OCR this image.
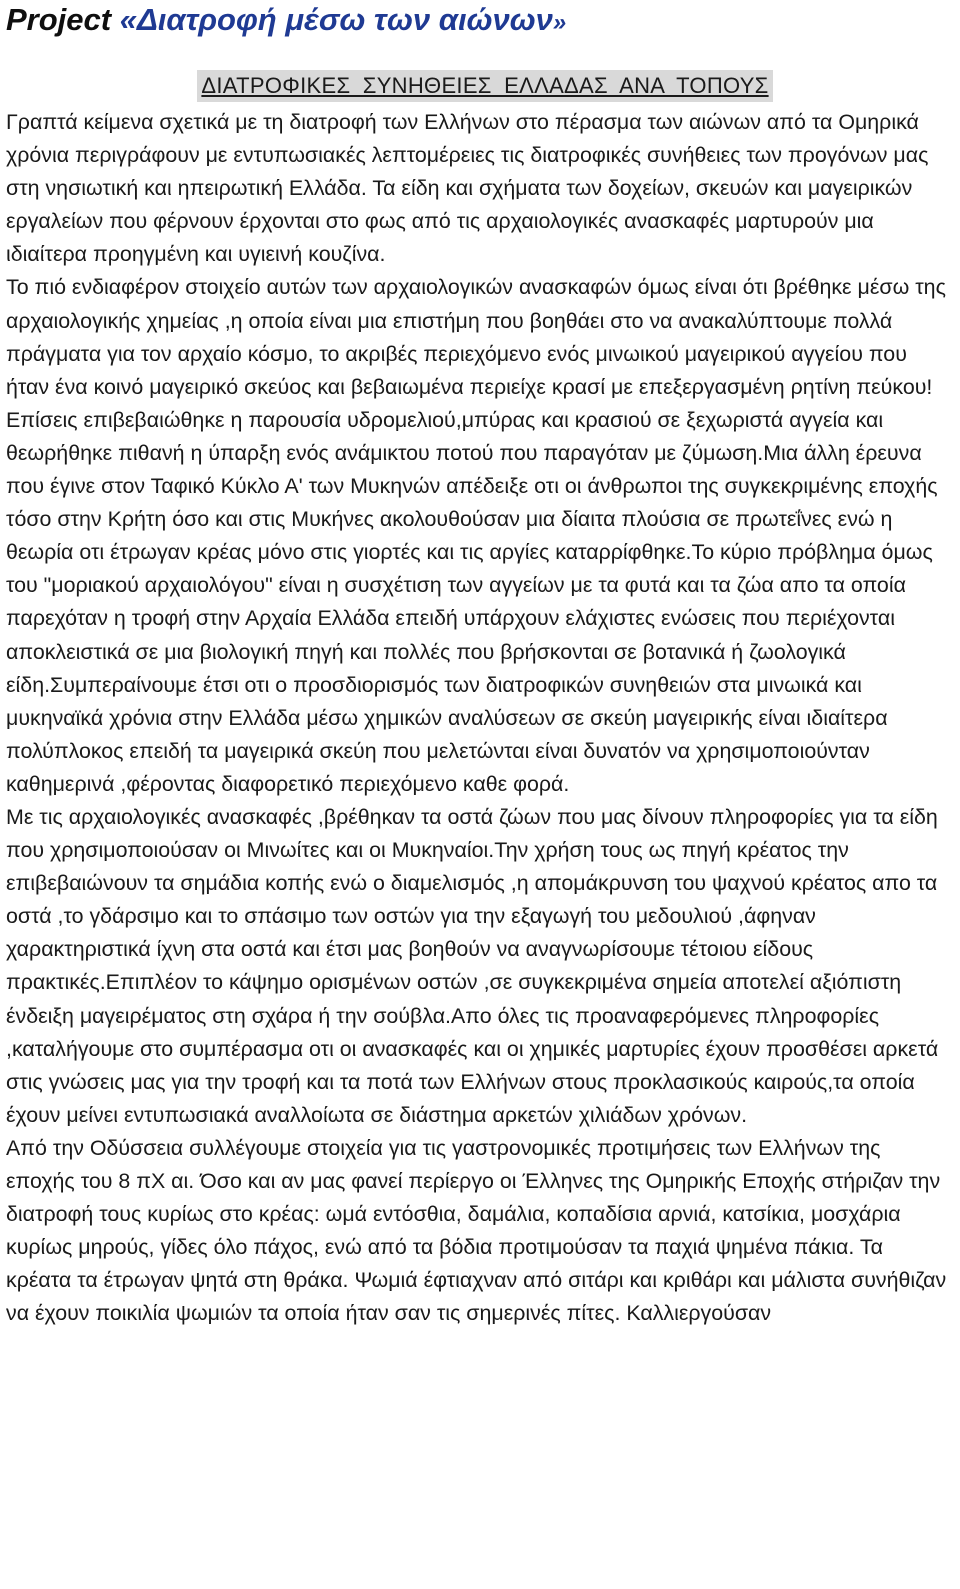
Project «Διατροφή μέσω των αιώνων»
ΔΙΑΤΡΟΦΙΚΕΣ ΣΥΝΗΘΕΙΕΣ ΕΛΛΑΔΑΣ ΑΝΑ ΤΟΠΟΥΣ

Γραπτά κείμενα σχετικά με τη διατροφή των Ελλήνων στο πέρασμα των αιώνων από τα Ομηρικά χρόνια περιγράφουν με εντυπωσιακές λεπτομέρειες τις διατροφικές συνήθειες των προγόνων μας στη νησιωτική και ηπειρωτική Ελλάδα. Τα είδη και σχήματα των δοχείων, σκευών και μαγειρικών εργαλείων που φέρνουν έρχονται στο φως από τις αρχαιολογικές ανασκαφές μαρτυρούν μια ιδιαίτερα προηγμένη και υγιεινή κουζίνα.

Το πιό ενδιαφέρον στοιχείο αυτών των αρχαιολογικών ανασκαφών όμως είναι ότι βρέθηκε μέσω της αρχαιολογικής χημείας ,η οποία είναι μια επιστήμη που βοηθάει στο να ανακαλύπτουμε πολλά πράγματα για τον αρχαίο κόσμο, το ακριβές περιεχόμενο ενός μινωικού μαγειρικού αγγείου που ήταν ένα κοινό μαγειρικό σκεύος και βεβαιωμένα περιείχε κρασί με επεξεργασμένη ρητίνη πεύκου!Επίσεις επιβεβαιώθηκε η παρουσία υδρομελιού,μπύρας και κρασιού σε ξεχωριστά αγγεία και θεωρήθηκε πιθανή η ύπαρξη ενός ανάμικτου ποτού που παραγόταν με ζύμωση.Μια άλλη έρευνα που έγινε στον Ταφικό Κύκλο Α' των Μυκηνών απέδειξε οτι οι άνθρωποι της συγκεκριμένης εποχής τόσο στην Κρήτη όσο και στις Μυκήνες ακολουθούσαν μια δίαιτα πλούσια σε πρωτεΐνες ενώ η θεωρία οτι έτρωγαν κρέας μόνο στις γιορτές και τις αργίες καταρρίφθηκε.Το κύριο πρόβλημα όμως του "μοριακού αρχαιολόγου" είναι η συσχέτιση των αγγείων με τα φυτά και τα ζώα απο τα οποία παρεχόταν η τροφή στην Αρχαία Ελλάδα επειδή υπάρχουν ελάχιστες ενώσεις που περιέχονται αποκλειστικά σε μια βιολογική πηγή και πολλές που βρήσκονται σε βοτανικά ή ζωολογικά είδη.Συμπεραίνουμε έτσι οτι ο προσδιορισμός των διατροφικών συνηθειών στα μινωικά και μυκηναϊκά χρόνια στην Ελλάδα μέσω χημικών αναλύσεων σε σκεύη μαγειρικής είναι ιδιαίτερα πολύπλοκος επειδή τα μαγειρικά σκεύη που μελετώνται είναι δυνατόν να χρησιμοποιούνταν καθημερινά ,φέροντας διαφορετικό περιεχόμενο καθε φορά.

Με τις αρχαιολογικές ανασκαφές ,βρέθηκαν τα οστά ζώων που μας δίνουν πληροφορίες για τα είδη που χρησιμοποιούσαν οι Μινωίτες και οι Μυκηναίοι.Την χρήση τους ως πηγή κρέατος την επιβεβαιώνουν τα σημάδια κοπής ενώ ο διαμελισμός ,η απομάκρυνση του ψαχνού κρέατος απο τα οστά ,το γδάρσιμο και το σπάσιμο των οστών για την εξαγωγή του μεδουλιού ,άφηναν χαρακτηριστικά ίχνη στα οστά και έτσι μας βοηθούν να αναγνωρίσουμε τέτοιου είδους πρακτικές.Επιπλέον το κάψημο ορισμένων οστών ,σε συγκεκριμένα σημεία αποτελεί αξιόπιστη ένδειξη μαγειρέματος στη σχάρα ή την σούβλα.Απο όλες τις προαναφερόμενες πληροφορίες ,καταλήγουμε στο συμπέρασμα οτι οι ανασκαφές και οι χημικές μαρτυρίες έχουν προσθέσει αρκετά στις γνώσεις μας για την τροφή και τα ποτά των Ελλήνων στους προκλασικούς καιρούς,τα οποία έχουν μείνει εντυπωσιακά αναλλοίωτα σε διάστημα αρκετών χιλιάδων χρόνων.

Από την Οδύσσεια συλλέγουμε στοιχεία για τις γαστρονομικές προτιμήσεις των Ελλήνων της εποχής του 8 πΧ αι. Όσο και αν μας φανεί περίεργο οι Έλληνες της Ομηρικής Εποχής στήριζαν την διατροφή τους κυρίως στο κρέας: ωμά εντόσθια, δαμάλια, κοπαδίσια αρνιά, κατσίκια, μοσχάρια κυρίως μηρούς, γίδες όλο πάχος, ενώ από τα βόδια προτιμούσαν τα παχιά ψημένα πάκια. Τα κρέατα τα έτρωγαν ψητά στη θράκα. Ψωμιά έφτιαχναν από σιτάρι και κριθάρι και μάλιστα συνήθιζαν να έχουν ποικιλία ψωμιών τα οποία ήταν σαν τις σημερινές πίτες. Καλλιεργούσαν
